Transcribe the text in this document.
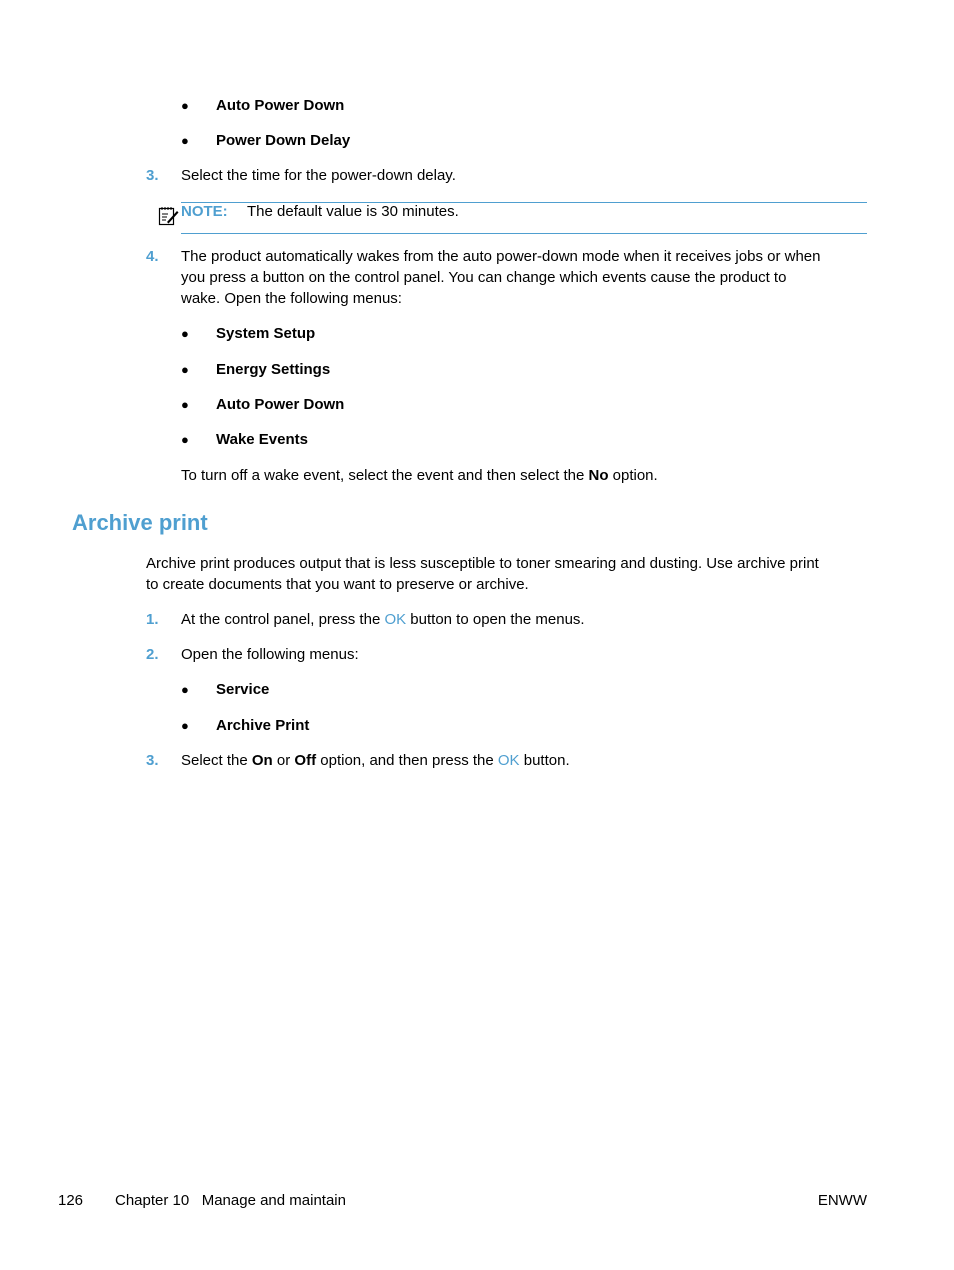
● Auto Power Down
● Power Down Delay
3. Select the time for the power-down delay.
NOTE: The default value is 30 minutes.
4. The product automatically wakes from the auto power-down mode when it receives jobs or when
you press a button on the control panel. You can change which events cause the product to
wake. Open the following menus:
● System Setup
● Energy Settings
● Auto Power Down
● Wake Events
To turn off a wake event, select the event and then select the No option.
Archive print
Archive print produces output that is less susceptible to toner smearing and dusting. Use archive print
to create documents that you want to preserve or archive.
1. At the control panel, press the OK button to open the menus.
2. Open the following menus:
● Service
● Archive Print
3. Select the On or Off option, and then press the OK button.
126 Chapter 10   Manage and maintain	ENWW
